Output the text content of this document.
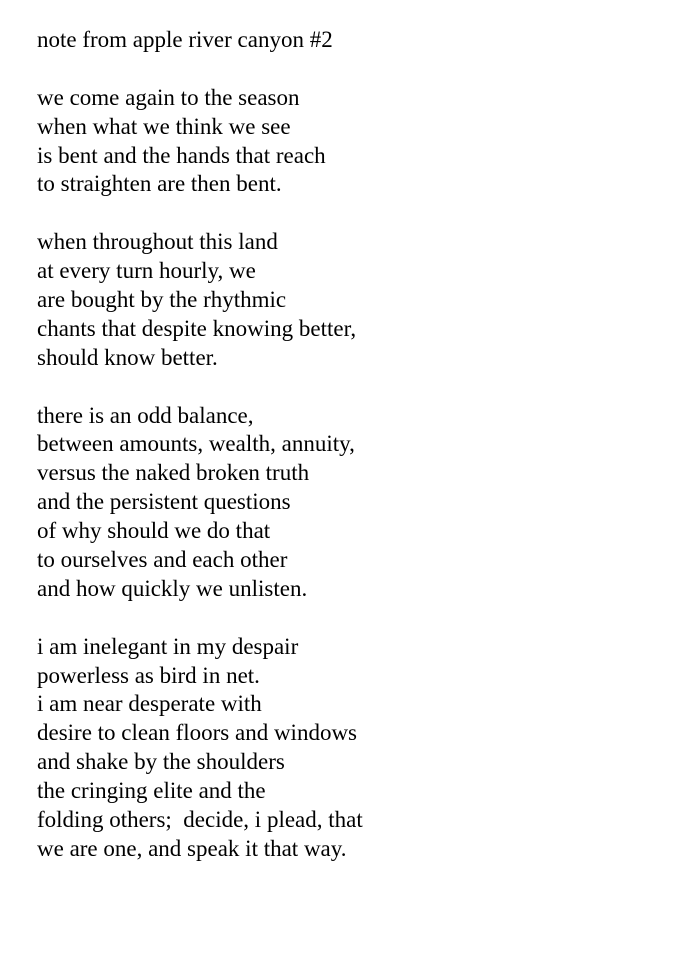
note from apple river canyon #2
we come again to the season
when what we think we see
is bent and the hands that reach
to straighten are then bent.
when throughout this land
at every turn hourly, we
are bought by the rhythmic
chants that despite knowing better,
should know better.
there is an odd balance,
between amounts, wealth, annuity,
versus the naked broken truth
and the persistent questions
of why should we do that
to ourselves and each other
and how quickly we unlisten.
i am inelegant in my despair
powerless as bird in net.
i am near desperate with
desire to clean floors and windows
and shake by the shoulders
the cringing elite and the
folding others;  decide, i plead, that
we are one, and speak it that way.
